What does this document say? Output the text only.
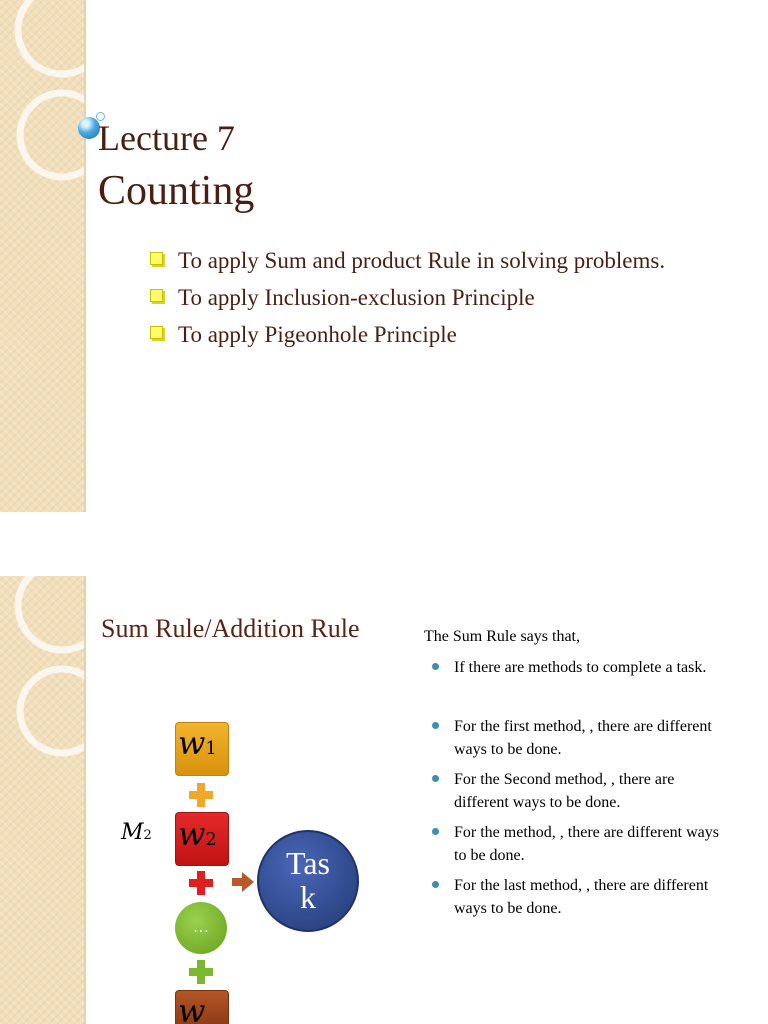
Lecture 7
Counting
To apply Sum and product Rule in solving problems.
To apply Inclusion-exclusion Principle
To apply Pigeonhole Principle
Sum Rule/Addition Rule	The Sum Rule says that,
If there are methods to complete a task.
For the first method, , there are different ways to be done.
For the Second method, , there are different ways to be done.
For the method, , there are different ways to be done.
For the last method, , there are different ways to be done.
w1
M2 w2
Tas
k
…
w
